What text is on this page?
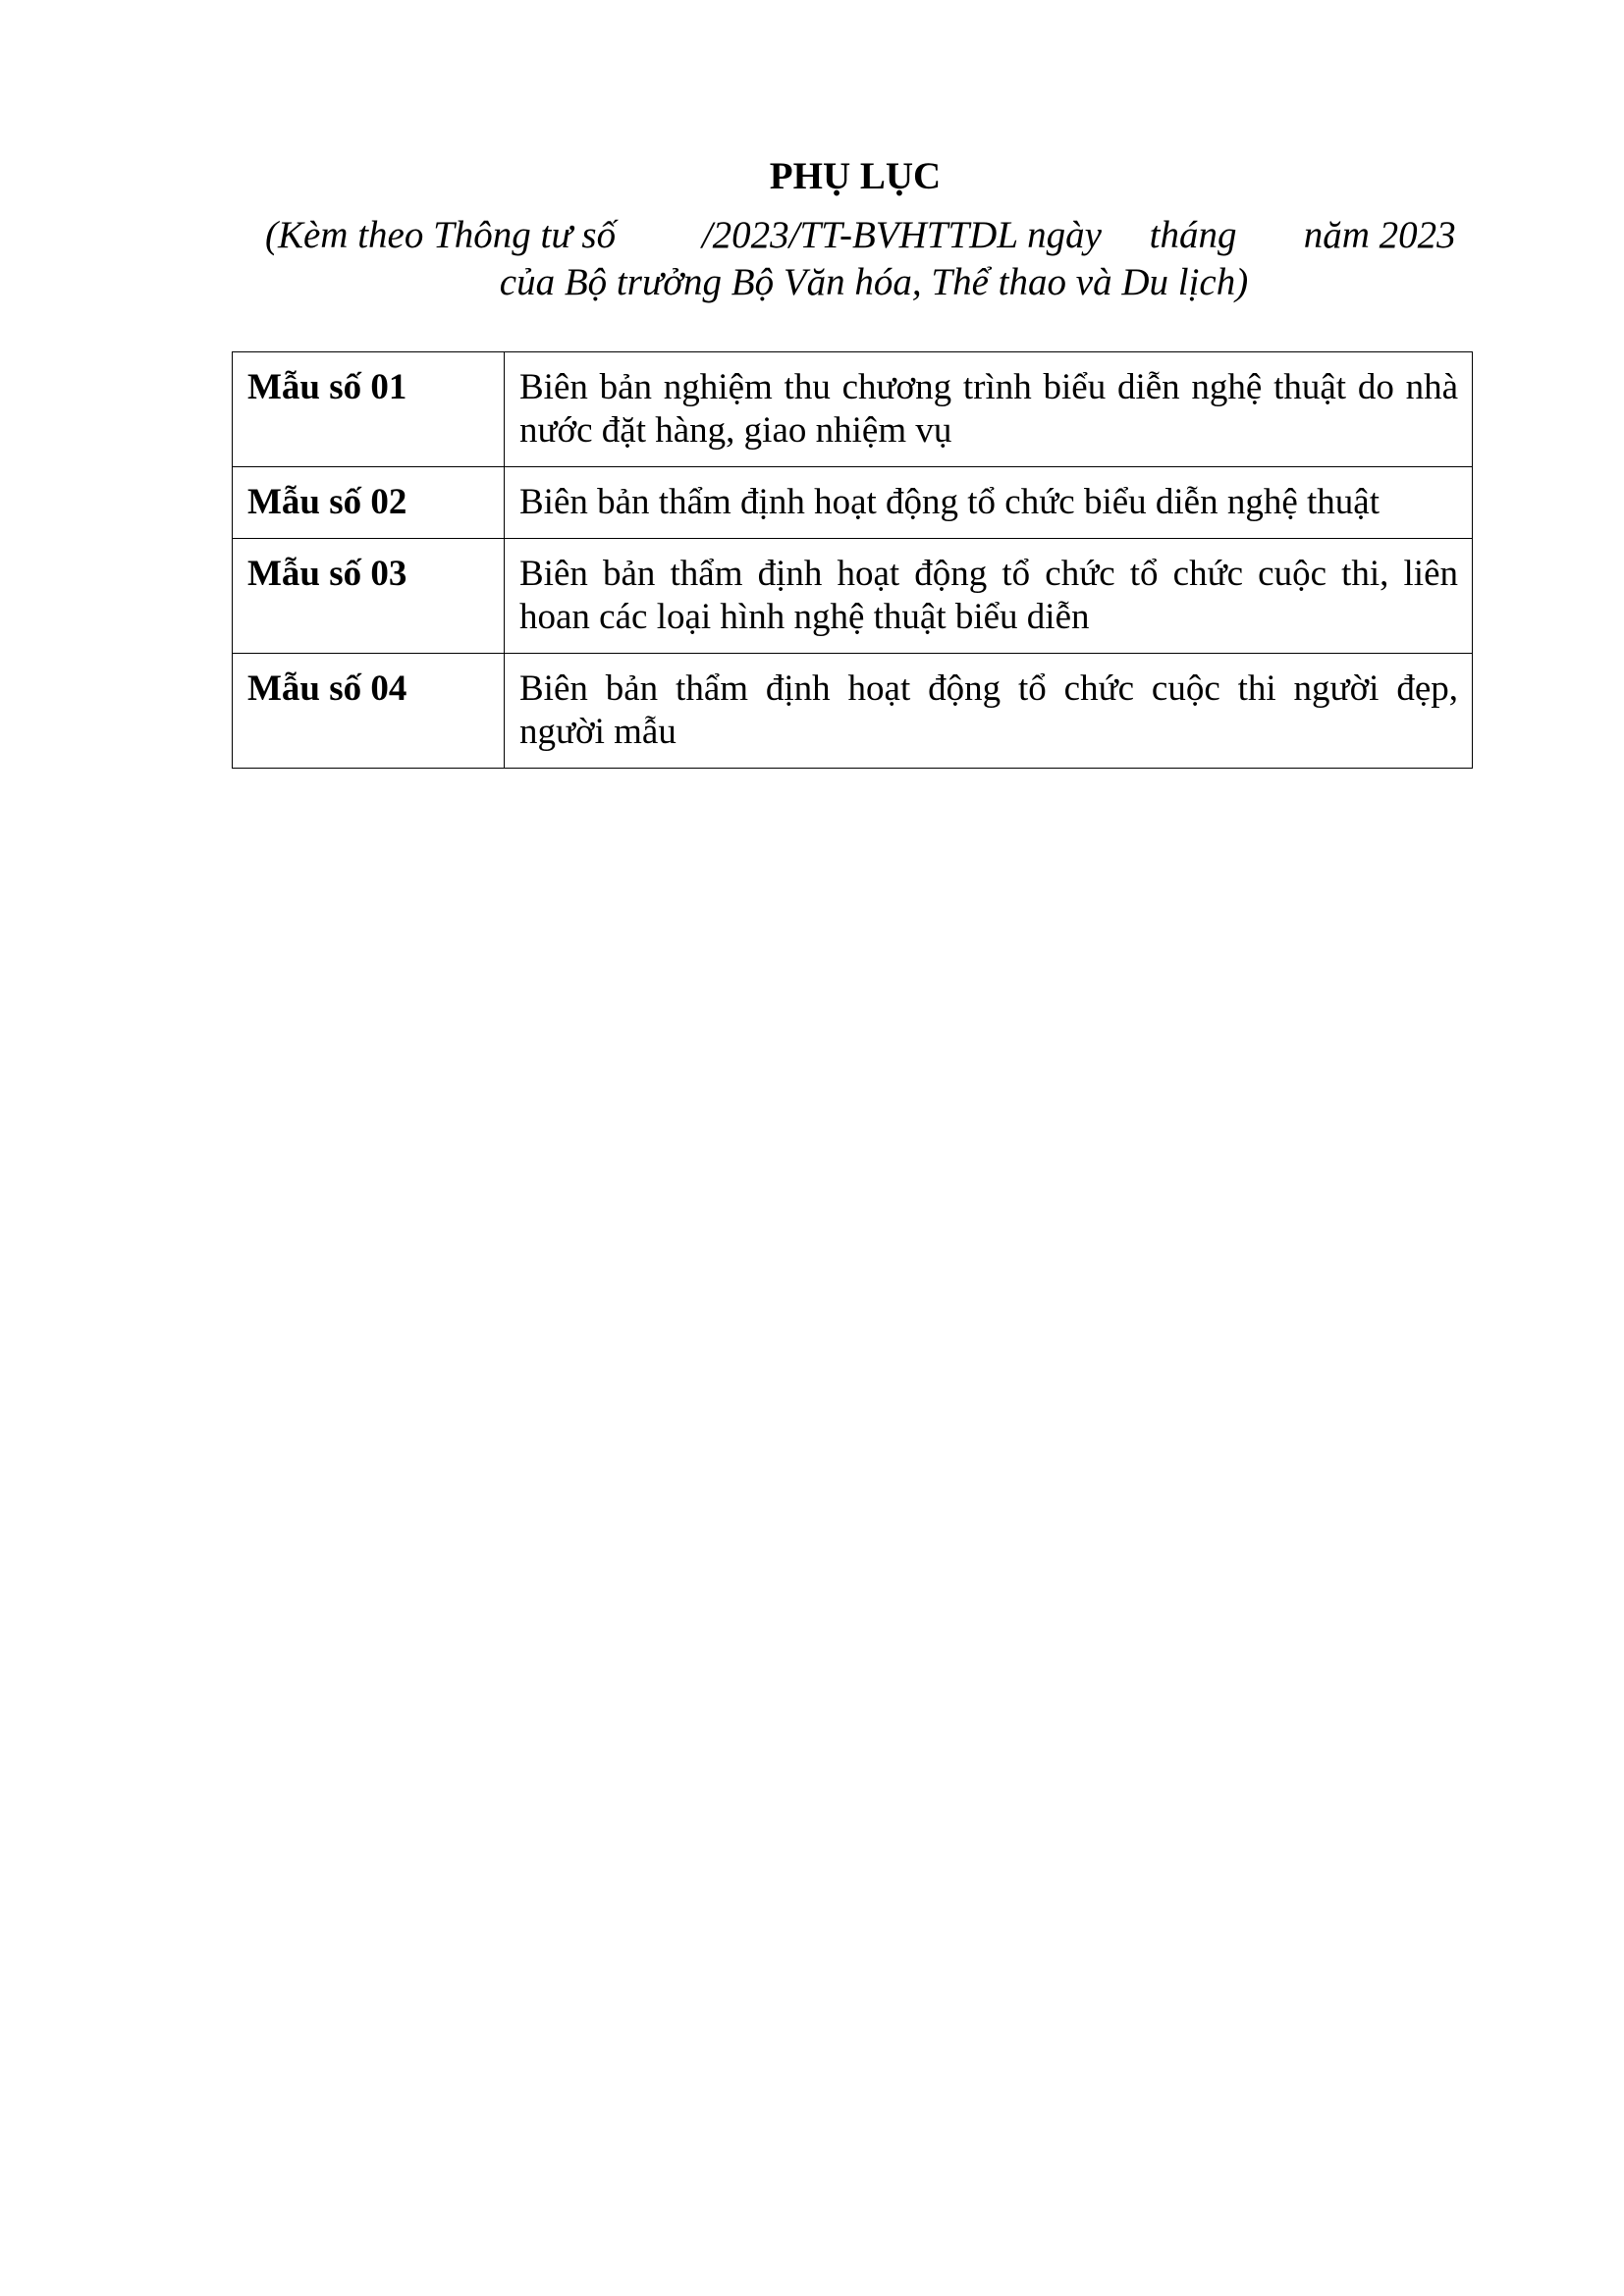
PHỤ LỤC

(Kèm theo Thông tư số         /2023/TT-BVHTTDL ngày     tháng       năm 2023
của Bộ trưởng Bộ Văn hóa, Thể thao và Du lịch)

Mẫu số 01	Biên bản nghiệm thu chương trình biểu diễn nghệ thuật do nhà nước đặt hàng, giao nhiệm vụ
Mẫu số 02	Biên bản thẩm định hoạt động tổ chức biểu diễn nghệ thuật
Mẫu số 03	Biên bản thẩm định hoạt động tổ chức tổ chức cuộc thi, liên hoan các loại hình nghệ thuật biểu diễn
Mẫu số 04	Biên bản thẩm định hoạt động tổ chức cuộc thi người đẹp, người mẫu
